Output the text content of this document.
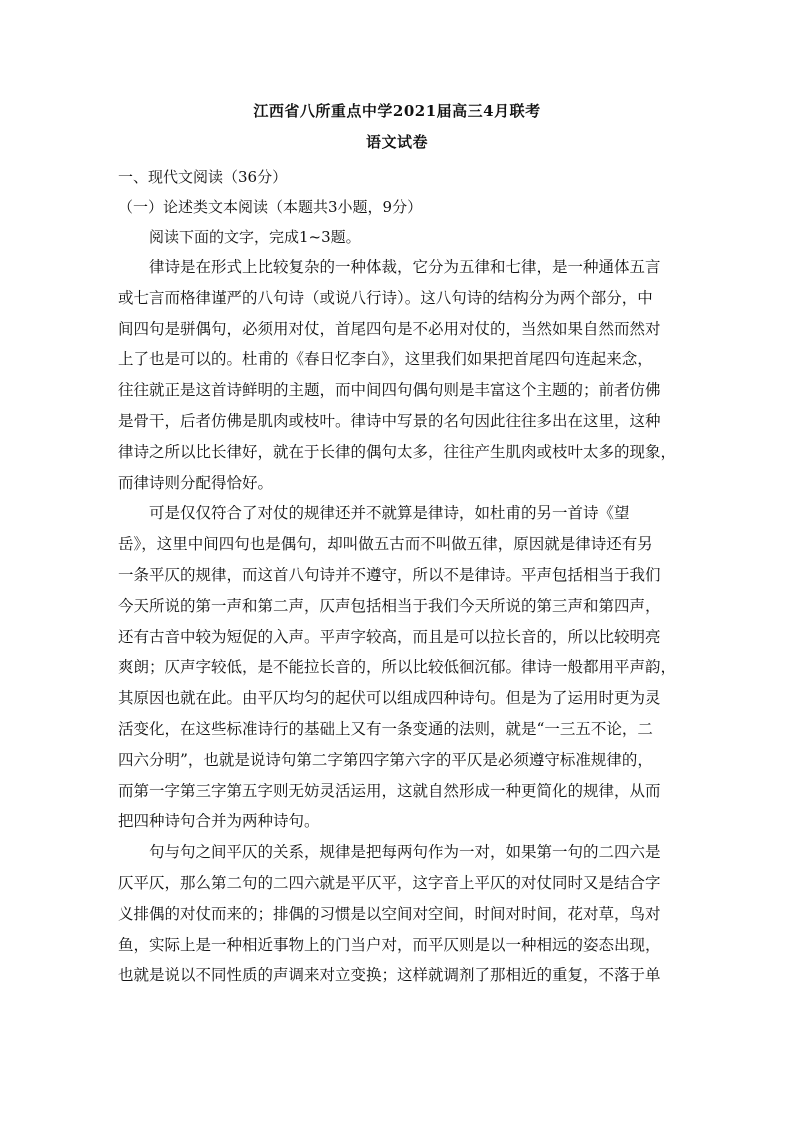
江西省八所重点中学2021届高三4月联考
语文试卷
一、现代文阅读（36分）
（一）论述类文本阅读（本题共3小题，9分）
阅读下面的文字，完成1~3题。
律诗是在形式上比较复杂的一种体裁，它分为五律和七律，是一种通体五言
或七言而格律谨严的八句诗（或说八行诗）。这八句诗的结构分为两个部分，中
间四句是骈偶句，必须用对仗，首尾四句是不必用对仗的，当然如果自然而然对
上了也是可以的。杜甫的《春日忆李白》，这里我们如果把首尾四句连起来念，
往往就正是这首诗鲜明的主题，而中间四句偶句则是丰富这个主题的；前者仿佛
是骨干，后者仿佛是肌肉或枝叶。律诗中写景的名句因此往往多出在这里，这种
律诗之所以比长律好，就在于长律的偶句太多，往往产生肌肉或枝叶太多的现象，
而律诗则分配得恰好。
可是仅仅符合了对仗的规律还并不就算是律诗，如杜甫的另一首诗《望
岳》，这里中间四句也是偶句，却叫做五古而不叫做五律，原因就是律诗还有另
一条平仄的规律，而这首八句诗并不遵守，所以不是律诗。平声包括相当于我们
今天所说的第一声和第二声，仄声包括相当于我们今天所说的第三声和第四声，
还有古音中较为短促的入声。平声字较高，而且是可以拉长音的，所以比较明亮
爽朗；仄声字较低，是不能拉长音的，所以比较低徊沉郁。律诗一般都用平声韵，
其原因也就在此。由平仄均匀的起伏可以组成四种诗句。但是为了运用时更为灵
活变化，在这些标准诗行的基础上又有一条变通的法则，就是“一三五不论，二
四六分明”，也就是说诗句第二字第四字第六字的平仄是必须遵守标准规律的，
而第一字第三字第五字则无妨灵活运用，这就自然形成一种更简化的规律，从而
把四种诗句合并为两种诗句。
句与句之间平仄的关系，规律是把每两句作为一对，如果第一句的二四六是
仄平仄，那么第二句的二四六就是平仄平，这字音上平仄的对仗同时又是结合字
义排偶的对仗而来的；排偶的习惯是以空间对空间，时间对时间，花对草，鸟对
鱼，实际上是一种相近事物上的门当户对，而平仄则是以一种相远的姿态出现，
也就是说以不同性质的声调来对立变换；这样就调剂了那相近的重复，不落于单
